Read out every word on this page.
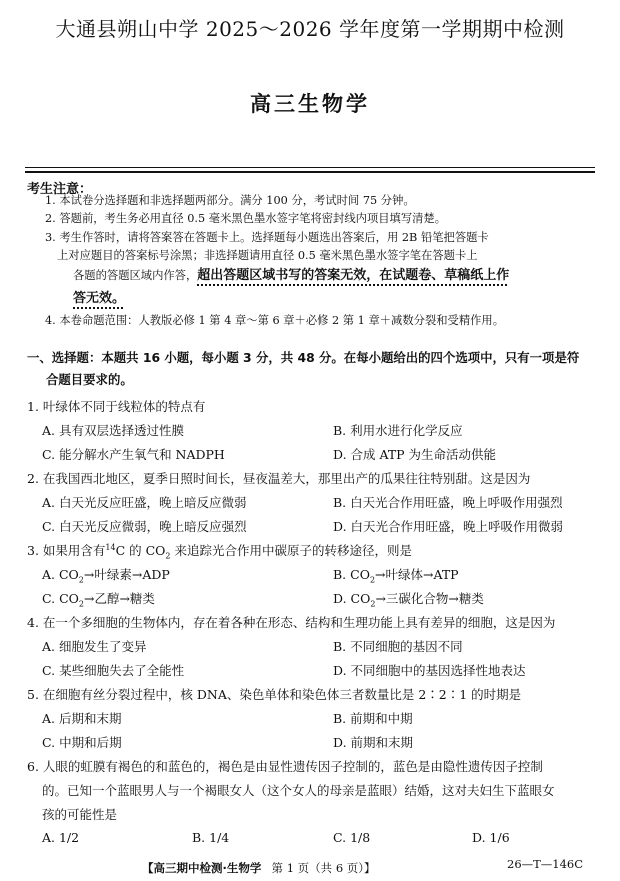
大通县朔山中学 2025～2026 学年度第一学期期中检测
高三生物学
考生注意：
1. 本试卷分选择题和非选择题两部分。满分 100 分，考试时间 75 分钟。
2. 答题前，考生务必用直径 0.5 毫米黑色墨水签字笔将密封线内项目填写清楚。
3. 考生作答时，请将答案答在答题卡上。选择题每小题选出答案后，用 2B 铅笔把答题卡
上对应题目的答案标号涂黑；非选择题请用直径 0.5 毫米黑色墨水签字笔在答题卡上
各题的答题区域内作答，超出答题区域书写的答案无效，在试题卷、草稿纸上作
答无效。
4. 本卷命题范围：人教版必修 1 第 4 章～第 6 章＋必修 2 第 1 章＋减数分裂和受精作用。
一、选择题：本题共 16 小题，每小题 3 分，共 48 分。在每小题给出的四个选项中，只有一项是符
合题目要求的。
1. 叶绿体不同于线粒体的特点有
A. 具有双层选择透过性膜	B. 利用水进行化学反应
C. 能分解水产生氧气和 NADPH	D. 合成 ATP 为生命活动供能
2. 在我国西北地区，夏季日照时间长，昼夜温差大，那里出产的瓜果往往特别甜。这是因为
A. 白天光反应旺盛，晚上暗反应微弱	B. 白天光合作用旺盛，晚上呼吸作用强烈
C. 白天光反应微弱，晚上暗反应强烈	D. 白天光合作用旺盛，晚上呼吸作用微弱
3. 如果用含有$^{14}$C 的 $CO_2$ 来追踪光合作用中碳原子的转移途径，则是
A. $CO_2\to$叶绿素→ADP	B. $CO_2\to$叶绿体→ATP
C. $CO_2\to$乙醇→糖类	D. $CO_2\to$三碳化合物→糖类
4. 在一个多细胞的生物体内，存在着各种在形态、结构和生理功能上具有差异的细胞，这是因为
A. 细胞发生了变异	B. 不同细胞的基因不同
C. 某些细胞失去了全能性	D. 不同细胞中的基因选择性地表达
5. 在细胞有丝分裂过程中，核 DNA、染色单体和染色体三者数量比是 2∶2∶1 的时期是
A. 后期和末期	B. 前期和中期
C. 中期和后期	D. 前期和末期
6. 人眼的虹膜有褐色的和蓝色的，褐色是由显性遗传因子控制的，蓝色是由隐性遗传因子控制
的。已知一个蓝眼男人与一个褐眼女人（这个女人的母亲是蓝眼）结婚，这对夫妇生下蓝眼女
孩的可能性是
A. 1/2	B. 1/4	C. 1/8	D. 1/6
【高三期中检测·生物学 第 1 页（共 6 页）】	26—T—146C
